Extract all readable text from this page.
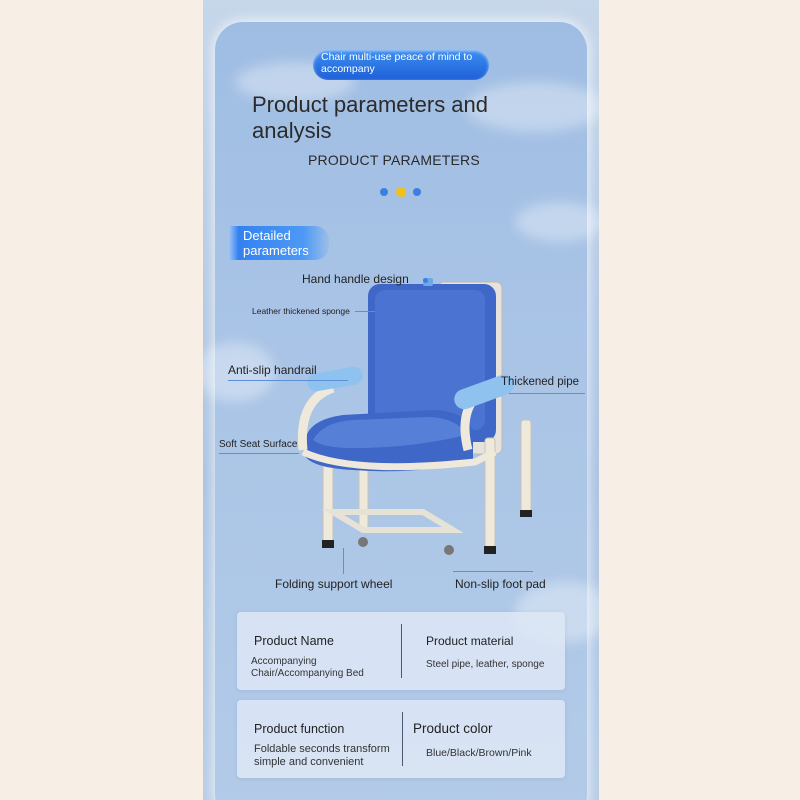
Chair multi-use peace of mind to
accompany
Product parameters and
analysis
PRODUCT PARAMETERS
Detailed
parameters
Hand handle design
Leather thickened sponge
Anti-slip handrail
Thickened pipe
Soft Seat Surface
Folding support wheel	Non-slip foot pad
Product Name
Accompanying
Chair/Accompanying Bed
Product material
Steel pipe, leather, sponge
Product function
Foldable seconds transform
simple and convenient
Product color
Blue/Black/Brown/Pink
